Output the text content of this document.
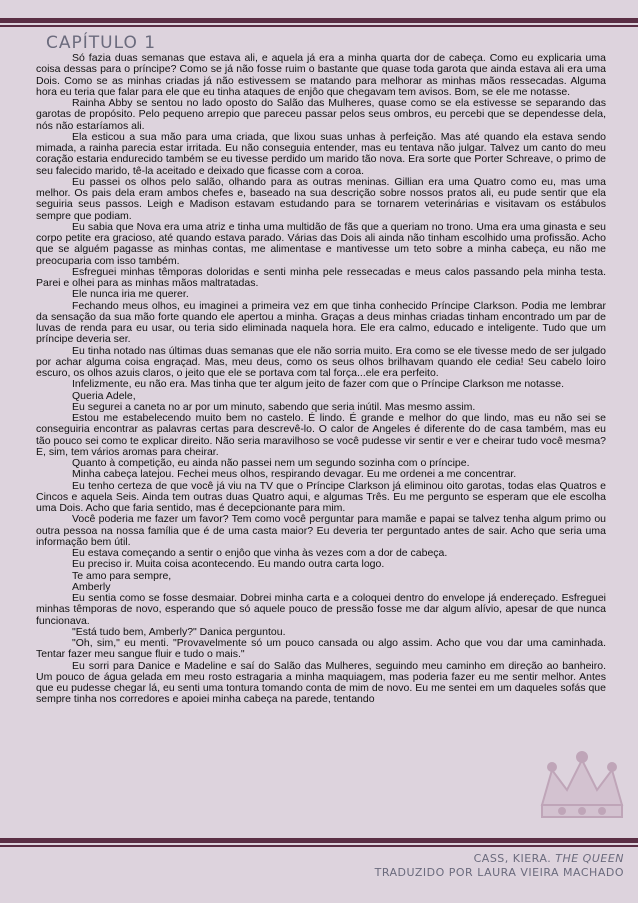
CAPÍTULO 1

Só fazia duas semanas que estava ali, e aquela já era a minha quarta dor de cabeça. Como eu explicaria uma coisa dessas para o príncipe? Como se já não fosse ruim o bastante que quase toda garota que ainda estava ali era uma Dois. Como se as minhas criadas já não estivessem se matando para melhorar as minhas mãos ressecadas. Alguma hora eu teria que falar para ele que eu tinha ataques de enjôo que chegavam tem avisos. Bom, se ele me notasse.

Rainha Abby se sentou no lado oposto do Salão das Mulheres, quase como se ela estivesse se separando das garotas de propósito. Pelo pequeno arrepio que pareceu passar pelos seus ombros, eu percebi que se dependesse dela, nós não estaríamos ali.

Ela esticou a sua mão para uma criada, que lixou suas unhas à perfeição. Mas até quando ela estava sendo mimada, a rainha parecia estar irritada. Eu não conseguia entender, mas eu tentava não julgar. Talvez um canto do meu coração estaria endurecido também se eu tivesse perdido um marido tão nova. Era sorte que Porter Schreave, o primo de seu falecido marido, tê-la aceitado e deixado que ficasse com a coroa.

Eu passei os olhos pelo salão, olhando para as outras meninas. Gillian era uma Quatro como eu, mas uma melhor. Os pais dela eram ambos chefes e, baseado na sua descrição sobre nossos pratos ali, eu pude sentir que ela seguiria seus passos. Leigh e Madison estavam estudando para se tornarem veterinárias e visitavam os estábulos sempre que podiam.

Eu sabia que Nova era uma atriz e tinha uma multidão de fãs que a queriam no trono. Uma era uma ginasta e seu corpo petite era gracioso, até quando estava parado. Várias das Dois ali ainda não tinham escolhido uma profissão. Acho que se alguém pagasse as minhas contas, me alimentase e mantivesse um teto sobre a minha cabeça, eu não me preocuparia com isso também.

Esfreguei minhas têmporas doloridas e senti minha pele ressecadas e meus calos passando pela minha testa. Parei e olhei para as minhas mãos maltratadas.

Ele nunca iria me querer.

Fechando meus olhos, eu imaginei a primeira vez em que tinha conhecido Príncipe Clarkson. Podia me lembrar da sensação da sua mão forte quando ele apertou a minha. Graças a deus minhas criadas tinham encontrado um par de luvas de renda para eu usar, ou teria sido eliminada naquela hora. Ele era calmo, educado e inteligente. Tudo que um príncipe deveria ser.

Eu tinha notado nas últimas duas semanas que ele não sorria muito. Era como se ele tivesse medo de ser julgado por achar alguma coisa engraçad. Mas, meu deus, como os seus olhos brilhavam quando ele cedia! Seu cabelo loiro escuro, os olhos azuis claros, o jeito que ele se portava com tal força...ele era perfeito.

Infelizmente, eu não era. Mas tinha que ter algum jeito de fazer com que o Príncipe Clarkson me notasse.

Queria Adele,

Eu segurei a caneta no ar por um minuto, sabendo que seria inútil. Mas mesmo assim.

Estou me estabelecendo muito bem no castelo. É lindo. É grande e melhor do que lindo, mas eu não sei se conseguiria encontrar as palavras certas para descrevê-lo. O calor de Angeles é diferente do de casa também, mas eu tão pouco sei como te explicar direito. Não seria maravilhoso se você pudesse vir sentir e ver e cheirar tudo você mesma? E, sim, tem vários aromas para cheirar.

Quanto à competição, eu ainda não passei nem um segundo sozinha com o príncipe.

Minha cabeça latejou. Fechei meus olhos, respirando devagar. Eu me ordenei a me concentrar.

Eu tenho certeza de que você já viu na TV que o Príncipe Clarkson já eliminou oito garotas, todas elas Quatros e Cincos e aquela Seis. Ainda tem outras duas Quatro aqui, e algumas Três. Eu me pergunto se esperam que ele escolha uma Dois. Acho que faria sentido, mas é decepcionante para mim.

Você poderia me fazer um favor? Tem como você perguntar para mamãe e papai se talvez tenha algum primo ou outra pessoa na nossa família que é de uma casta maior? Eu deveria ter perguntado antes de sair. Acho que seria uma informação bem útil.

Eu estava começando a sentir o enjôo que vinha às vezes com a dor de cabeça.

Eu preciso ir. Muita coisa acontecendo. Eu mando outra carta logo.

Te amo para sempre,

Amberly

Eu sentia como se fosse desmaiar. Dobrei minha carta e a coloquei dentro do envelope já endereçado. Esfreguei minhas têmporas de novo, esperando que só aquele pouco de pressão fosse me dar algum alívio, apesar de que nunca funcionava.

"Está tudo bem, Amberly?" Danica perguntou.

"Oh, sim," eu menti. "Provavelmente só um pouco cansada ou algo assim. Acho que vou dar uma caminhada. Tentar fazer meu sangue fluir e tudo o mais."

Eu sorri para Danice e Madeline e saí do Salão das Mulheres, seguindo meu caminho em direção ao banheiro. Um pouco de água gelada em meu rosto estragaria a minha maquiagem, mas poderia fazer eu me sentir melhor. Antes que eu pudesse chegar lá, eu senti uma tontura tomando conta de mim de novo. Eu me sentei em um daqueles sofás que sempre tinha nos corredores e apoiei minha cabeça na parede, tentando

CASS, KIERA. THE QUEEN
TRADUZIDO POR LAURA VIEIRA MACHADO
